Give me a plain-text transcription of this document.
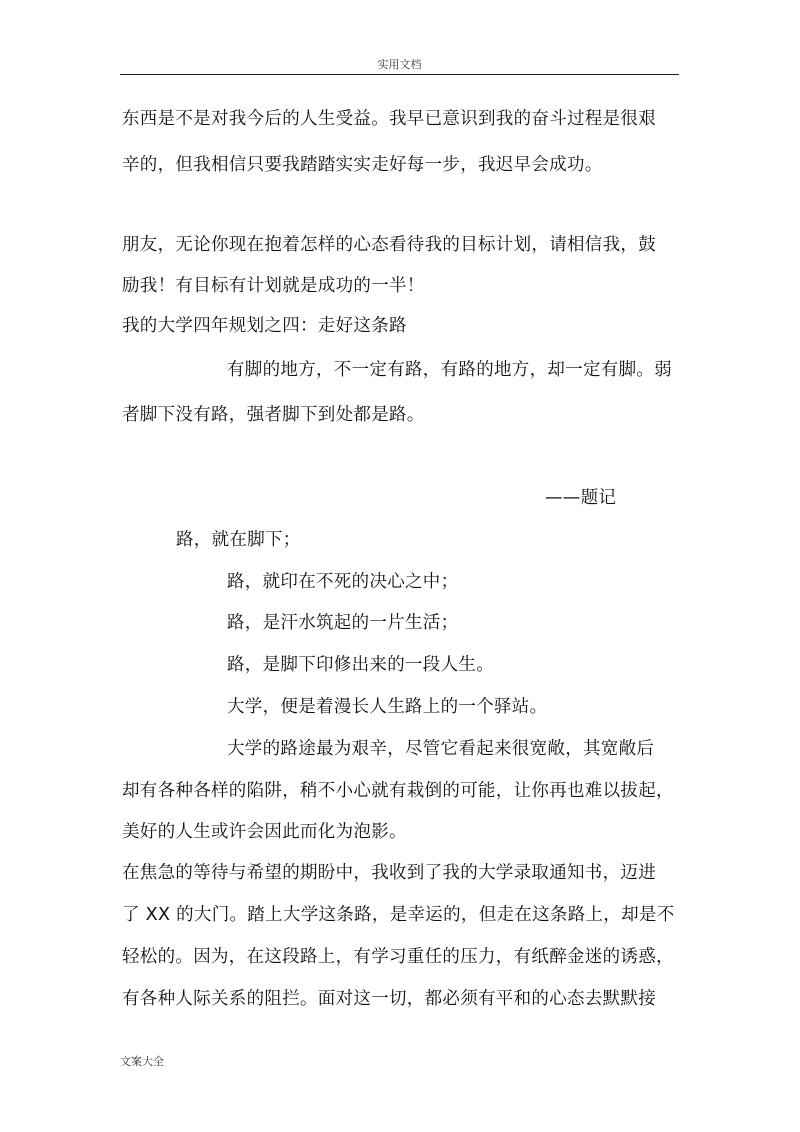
实用文档
东西是不是对我今后的人生受益。我早已意识到我的奋斗过程是很艰
辛的，但我相信只要我踏踏实实走好每一步，我迟早会成功。
朋友，无论你现在抱着怎样的心态看待我的目标计划，请相信我，鼓
励我！有目标有计划就是成功的一半！
我的大学四年规划之四：走好这条路
有脚的地方，不一定有路，有路的地方，却一定有脚。弱
者脚下没有路，强者脚下到处都是路。
——题记
路，就在脚下；
路，就印在不死的决心之中；
路，是汗水筑起的一片生活；
路，是脚下印修出来的一段人生。
大学，便是着漫长人生路上的一个驿站。
大学的路途最为艰辛，尽管它看起来很宽敞，其宽敞后
却有各种各样的陷阱，稍不小心就有栽倒的可能，让你再也难以拔起，
美好的人生或许会因此而化为泡影。
在焦急的等待与希望的期盼中，我收到了我的大学录取通知书，迈进
了 XX 的大门。踏上大学这条路，是幸运的，但走在这条路上，却是不
轻松的。因为，在这段路上，有学习重任的压力，有纸醉金迷的诱惑，
有各种人际关系的阻拦。面对这一切，都必须有平和的心态去默默接
文案大全
